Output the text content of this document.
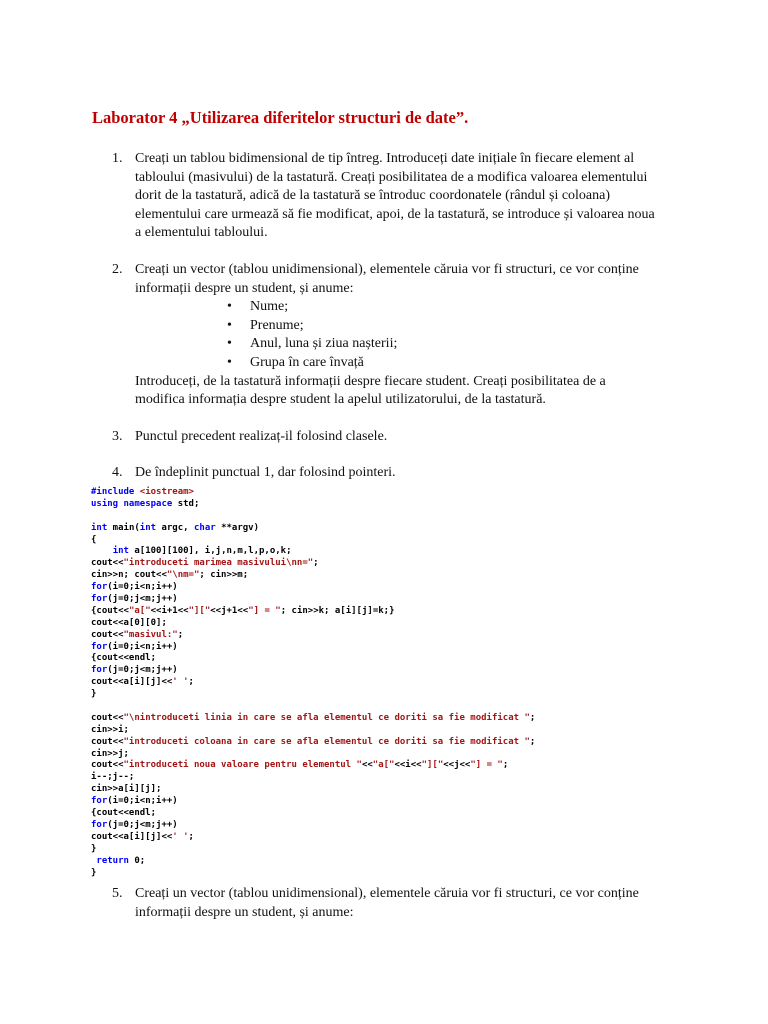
Laborator 4 „Utilizarea diferitelor structuri de date”.
1. Creați un tablou bidimensional de tip întreg. Introduceți date inițiale în fiecare element al tabloului (masivului) de la tastatură. Creați posibilitatea de a modifica valoarea elementului dorit de la tastatură, adică de la tastatură se întroduc coordonatele (rândul și coloana) elementului care urmează să fie modificat, apoi, de la tastatură, se introduce și valoarea noua a elementului tabloului.
2. Creați un vector (tablou unidimensional), elementele căruia vor fi structuri, ce vor conține informații despre un student, și anume:
• Nume;
• Prenume;
• Anul, luna și ziua nașterii;
• Grupa în care învață
Introduceți, de la tastatură informații despre fiecare student. Creați posibilitatea de a modifica informația despre student la apelul utilizatorului, de la tastatură.
3. Punctul precedent realizaț-il folosind clasele.
4. De îndeplinit punctual 1, dar folosind pointeri.
#include <iostream>
using namespace std;
int main(int argc, char **argv)
{
int a[100][100], i,j,n,m,l,p,o,k;
cout<<"introduceti marimea masivului\nn=";
cin>>n; cout<<"\nm="; cin>>m;
for(i=0;i<n;i++)
for(j=0;j<m;j++)
{cout<<"a["<<i+1<<"]["<<j+1<<"] = "; cin>>k; a[i][j]=k;}
cout<<a[0][0];
cout<<"masivul:";
for(i=0;i<n;i++)
{cout<<endl;
for(j=0;j<m;j++)
cout<<a[i][j]<<' ';
}
cout<<"\nintroduceti linia in care se afla elementul ce doriti sa fie modificat ";
cin>>i;
cout<<"introduceti coloana in care se afla elementul ce doriti sa fie modificat ";
cin>>j;
cout<<"introduceti noua valoare pentru elementul "<<"a["<<i<<"]["<<j<<"] = ";
i--;j--;
cin>>a[i][j];
for(i=0;i<n;i++)
{cout<<endl;
for(j=0;j<m;j++)
cout<<a[i][j]<<' ';
}
return 0;
}
5. Creați un vector (tablou unidimensional), elementele căruia vor fi structuri, ce vor conține informații despre un student, și anume:
